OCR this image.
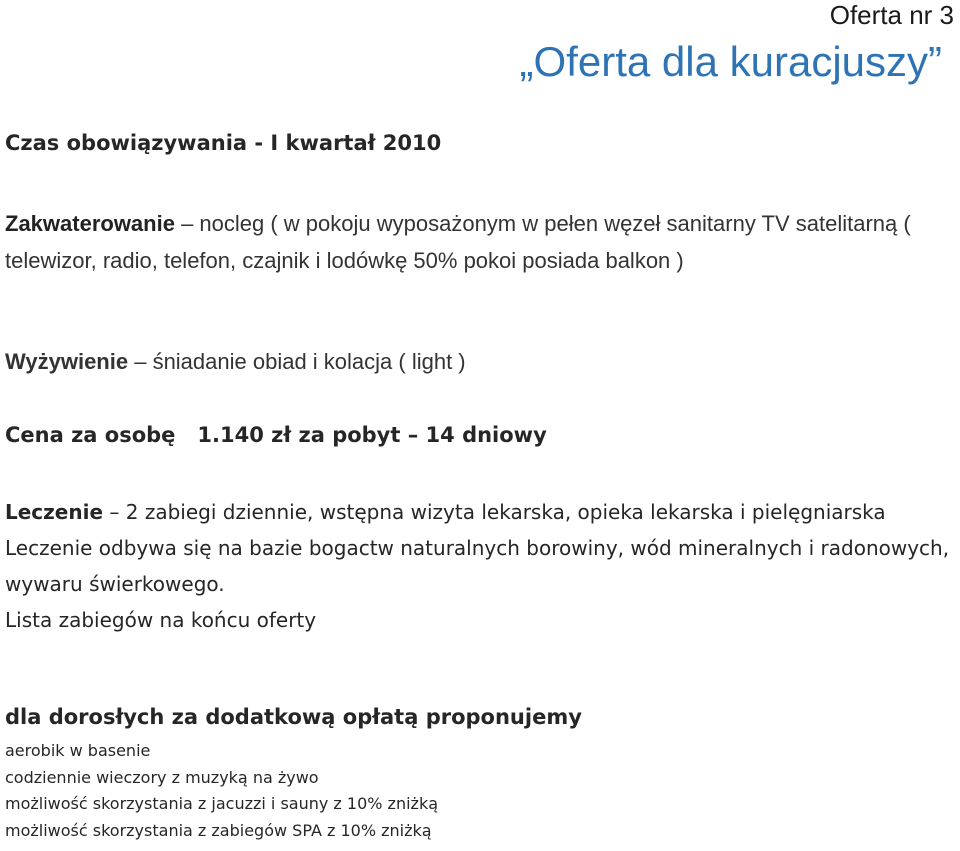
Oferta nr 3
„Oferta dla kuracjuszy”
Czas obowiązywania - I kwartał 2010
Zakwaterowanie – nocleg ( w pokoju wyposażonym w pełen węzeł sanitarny TV satelitarną ( telewizor, radio, telefon, czajnik i lodówkę 50% pokoi posiada balkon )
Wyżywienie – śniadanie obiad i kolacja ( light )
Cena za osobę 1.140 zł za pobyt – 14 dniowy

Leczenie – 2 zabiegi dziennie, wstępna wizyta lekarska, opieka lekarska i pielęgniarska

Leczenie odbywa się na bazie bogactw naturalnych borowiny, wód mineralnych i radonowych, wywaru świerkowego.

Lista zabiegów na końcu oferty

dla dorosłych za dodatkową opłatą proponujemy
aerobik w basenie
codziennie wieczory z muzyką na żywo
możliwość skorzystania z jacuzzi i sauny z 10% zniżką
możliwość skorzystania z zabiegów SPA z 10% zniżką
